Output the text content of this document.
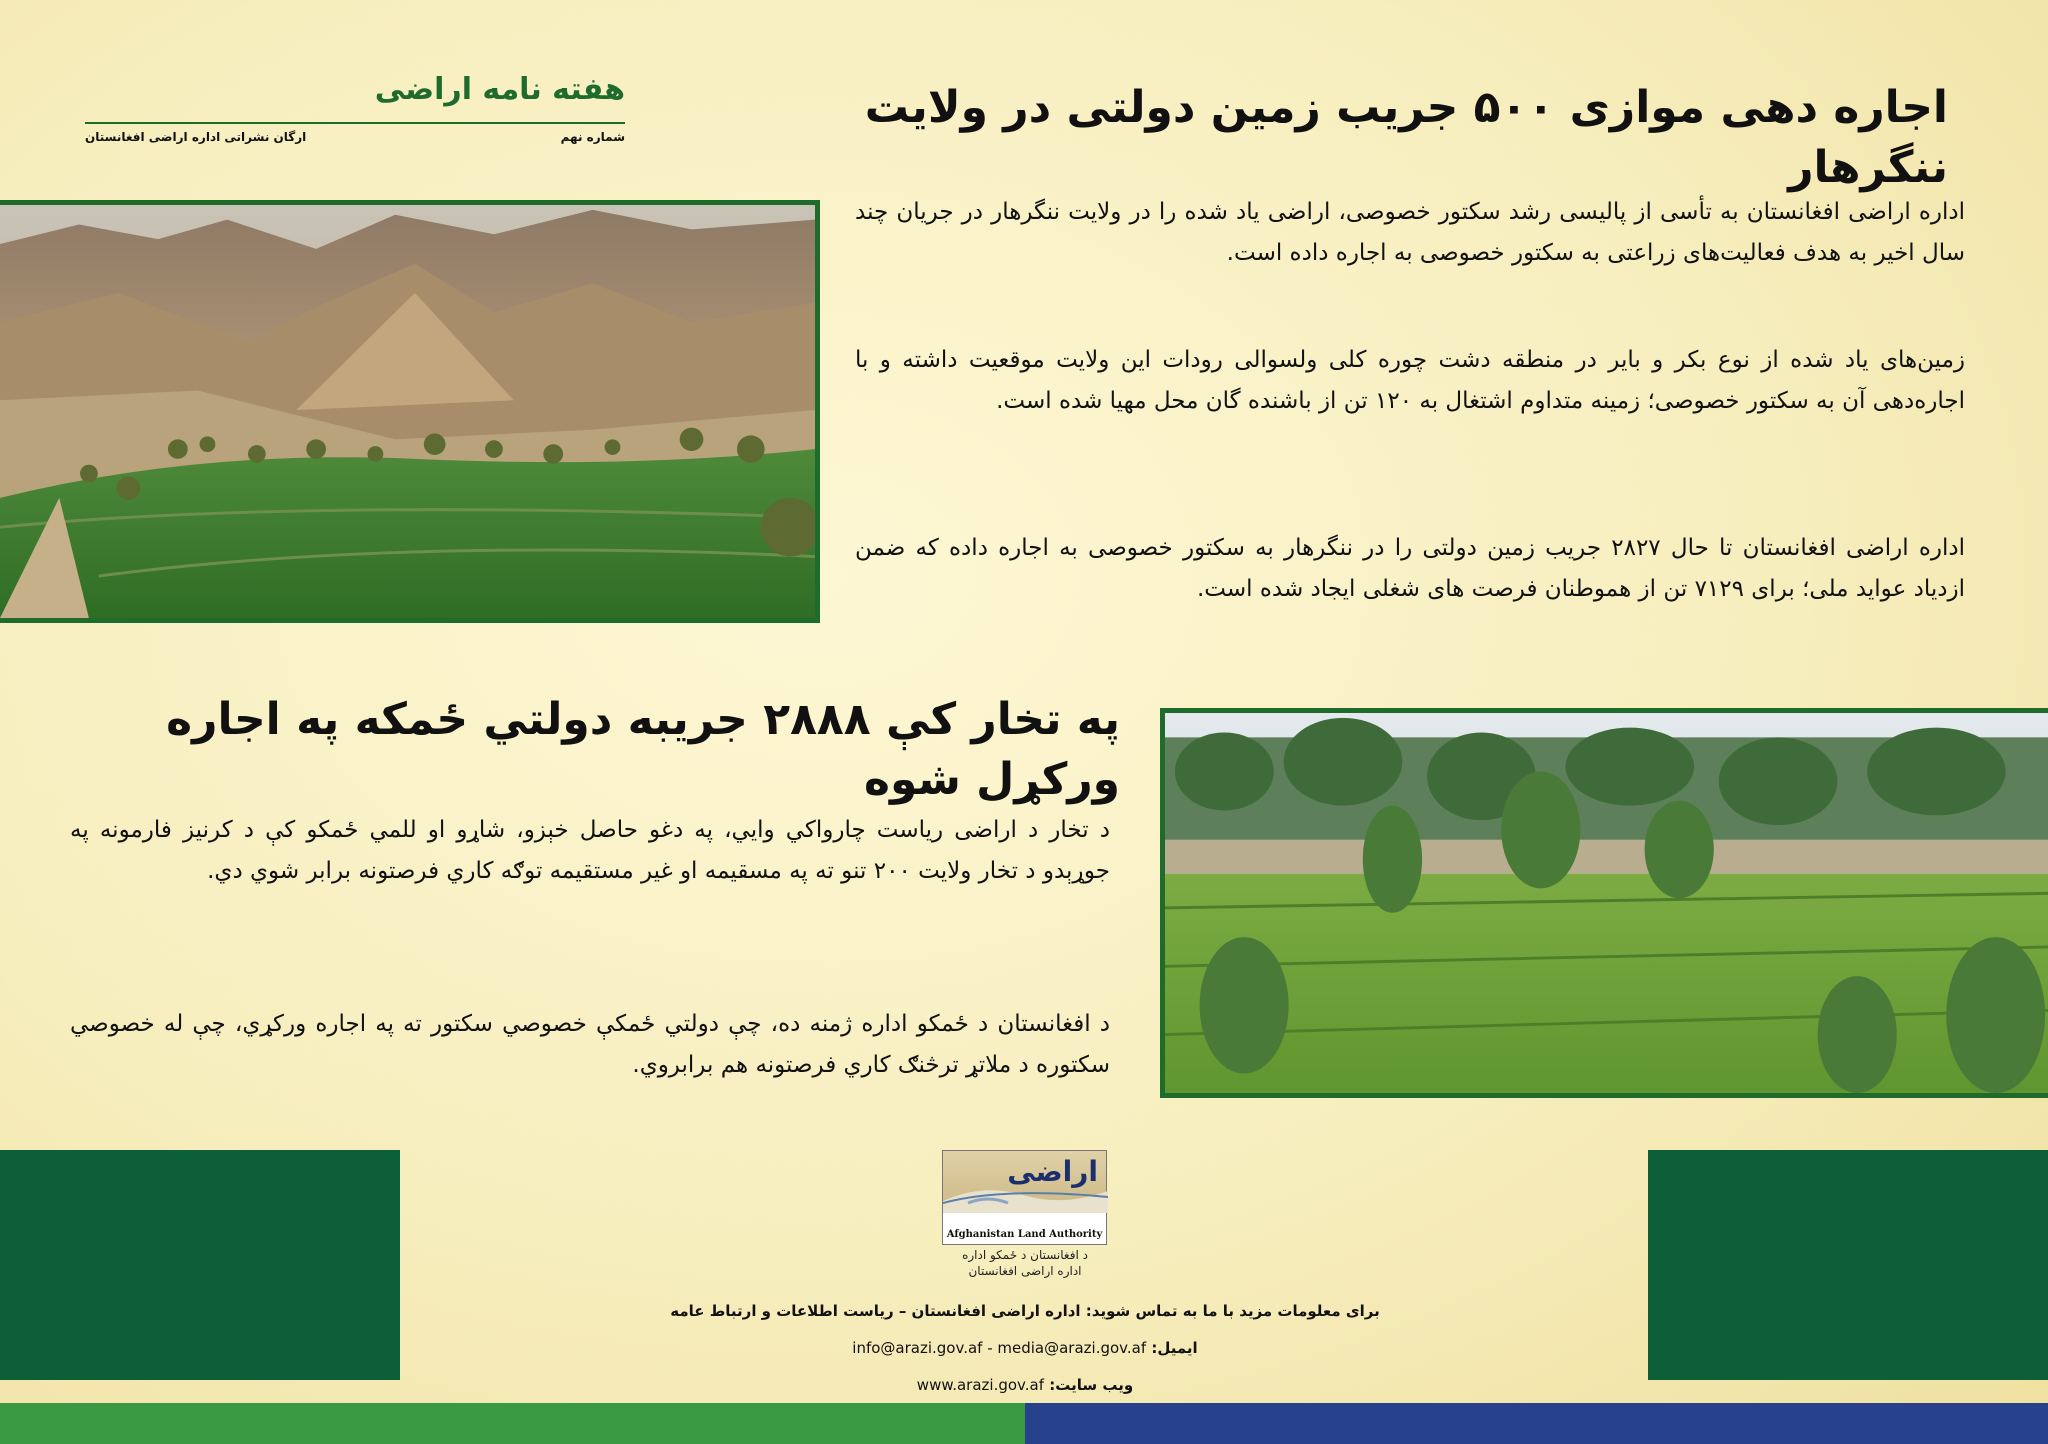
هفته نامه اراضی
شماره نهم
ارگان نشراتی اداره اراضی افغانستان
اجاره دهی موازی ۵۰۰ جریب زمین دولتی در ولایت ننگرهار
اداره اراضی افغانستان به تأسی از پالیسی رشد سکتور خصوصی، اراضی یاد شده را در ولایت ننگرهار در جریان چند سال اخیر به هدف فعالیت‌های زراعتی به سکتور خصوصی به اجاره داده است.
زمین‌های یاد شده از نوع بکر و بایر در منطقه دشت چوره کلی ولسوالی رودات این ولایت موقعیت داشته و با اجاره‌دهی آن به سکتور خصوصی؛ زمینه متداوم اشتغال به ۱۲۰ تن از باشنده گان محل مهیا شده است.
اداره اراضی افغانستان تا حال ۲۸۲۷ جریب زمین دولتی را در ننگرهار به سکتور خصوصی به اجاره داده که ضمن ازدیاد عواید ملی؛ برای ۷۱۲۹ تن از هموطنان فرصت های شغلی ایجاد شده است.
په تخار کې ۲۸۸۸ جریبه دولتي ځمکه په اجاره ورکړل شوه
د تخار د اراضی ریاست چارواکي وايي، په دغو حاصل خېزو، شاړو او للمي ځمکو کې د کرنیز فارمونه په جوړېدو د تخار ولایت ۲۰۰ تنو ته په مسقیمه او غیر مستقیمه توګه کاري فرصتونه برابر شوي دي.
د افغانستان د ځمکو اداره ژمنه ده، چې دولتي ځمکې خصوصي سکتور ته په اجاره ورکړي، چې له خصوصي سکتوره د ملاتړ ترڅنګ کاري فرصتونه هم برابروي.
اراضی
Afghanistan Land Authority
د افغانستان د ځمکو اداره
اداره اراضی افغانستان
برای معلومات مزید با ما به تماس شوید: اداره اراضی افغانستان – ریاست اطلاعات و ارتباط عامه
ایمیل: info@arazi.gov.af - media@arazi.gov.af
ویب سایت: www.arazi.gov.af
